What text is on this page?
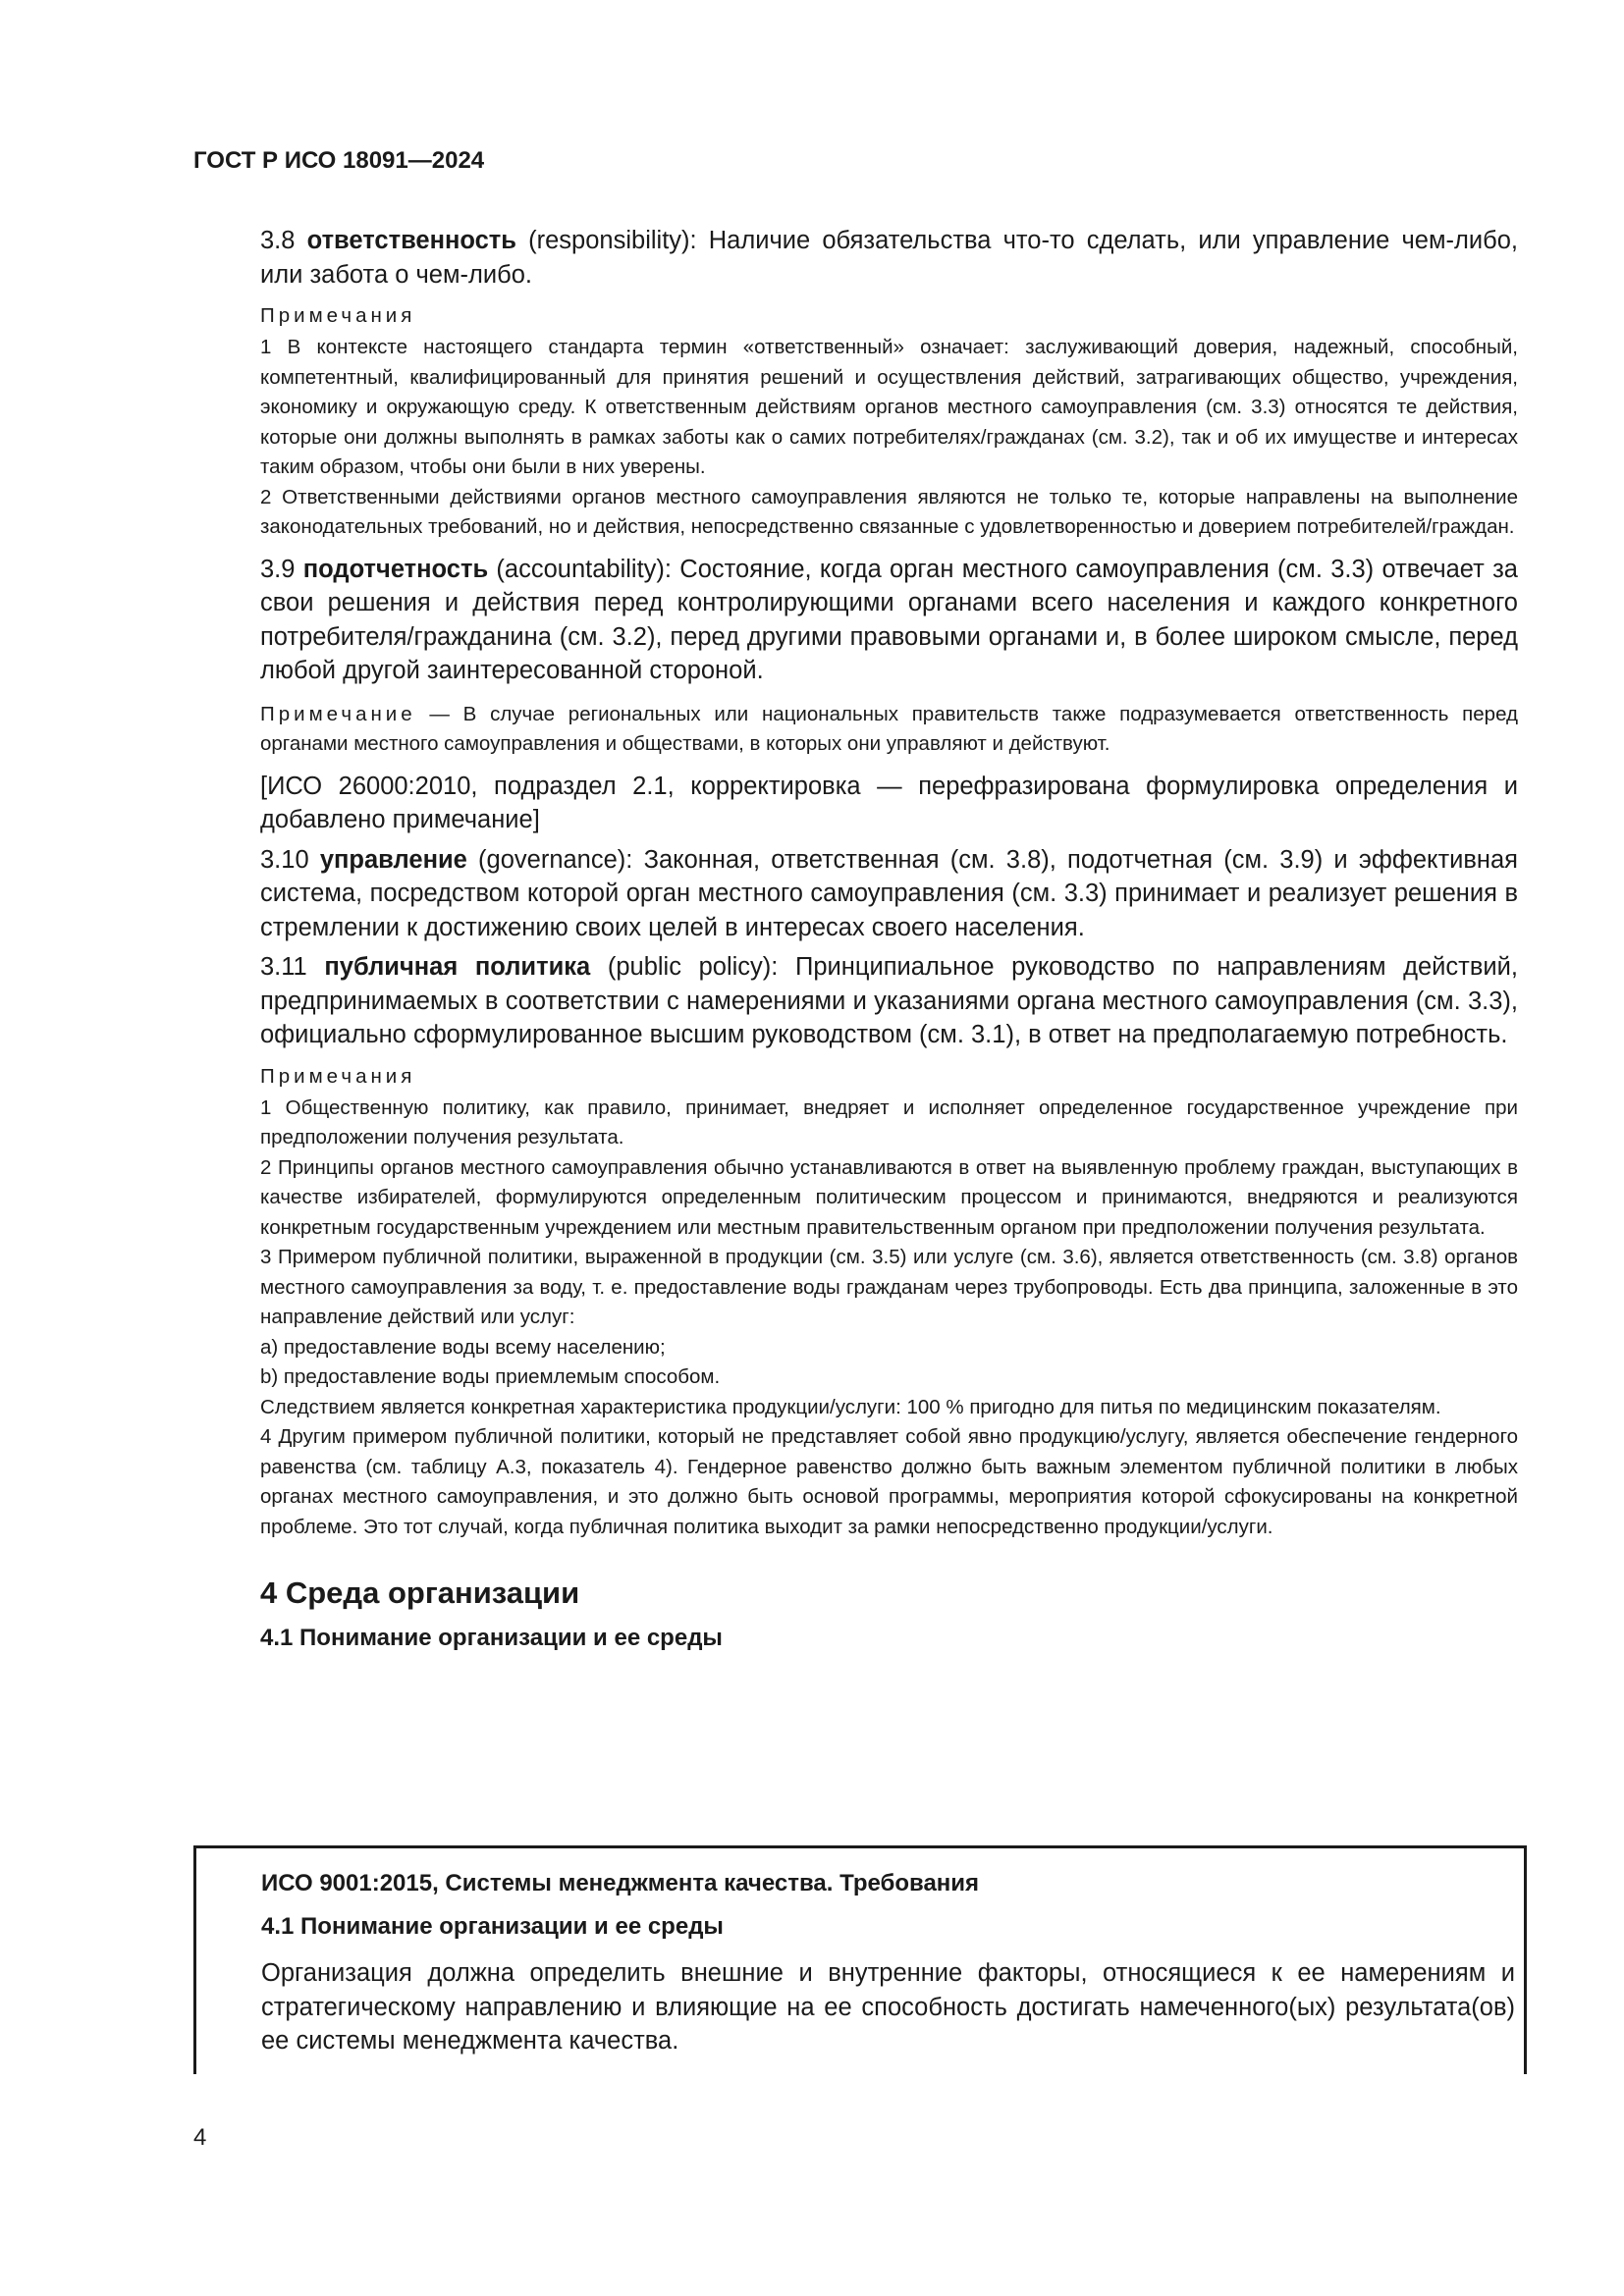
ГОСТ Р ИСО 18091—2024

3.8 ответственность (responsibility): Наличие обязательства что-то сделать, или управление чем-либо, или забота о чем-либо.

Примечания

1 В контексте настоящего стандарта термин «ответственный» означает: заслуживающий доверия, надежный, способный, компетентный, квалифицированный для принятия решений и осуществления действий, затрагивающих общество, учреждения, экономику и окружающую среду. К ответственным действиям органов местного самоуправления (см. 3.3) относятся те действия, которые они должны выполнять в рамках заботы как о самих потребителях/гражданах (см. 3.2), так и об их имуществе и интересах таким образом, чтобы они были в них уверены.

2 Ответственными действиями органов местного самоуправления являются не только те, которые направлены на выполнение законодательных требований, но и действия, непосредственно связанные с удовлетворенностью и доверием потребителей/граждан.

3.9 подотчетность (accountability): Состояние, когда орган местного самоуправления (см. 3.3) отвечает за свои решения и действия перед контролирующими органами всего населения и каждого конкретного потребителя/гражданина (см. 3.2), перед другими правовыми органами и, в более широком смысле, перед любой другой заинтересованной стороной.

Примечание — В случае региональных или национальных правительств также подразумевается ответственность перед органами местного самоуправления и обществами, в которых они управляют и действуют.

[ИСО 26000:2010, подраздел 2.1, корректировка — перефразирована формулировка определения и добавлено примечание]

3.10 управление (governance): Законная, ответственная (см. 3.8), подотчетная (см. 3.9) и эффективная система, посредством которой орган местного самоуправления (см. 3.3) принимает и реализует решения в стремлении к достижению своих целей в интересах своего населения.

3.11 публичная политика (public policy): Принципиальное руководство по направлениям действий, предпринимаемых в соответствии с намерениями и указаниями органа местного самоуправления (см. 3.3), официально сформулированное высшим руководством (см. 3.1), в ответ на предполагаемую потребность.

Примечания

1 Общественную политику, как правило, принимает, внедряет и исполняет определенное государственное учреждение при предположении получения результата.

2 Принципы органов местного самоуправления обычно устанавливаются в ответ на выявленную проблему граждан, выступающих в качестве избирателей, формулируются определенным политическим процессом и принимаются, внедряются и реализуются конкретным государственным учреждением или местным правительственным органом при предположении получения результата.

3 Примером публичной политики, выраженной в продукции (см. 3.5) или услуге (см. 3.6), является ответственность (см. 3.8) органов местного самоуправления за воду, т. е. предоставление воды гражданам через трубопроводы. Есть два принципа, заложенные в это направление действий или услуг:

a) предоставление воды всему населению;

b) предоставление воды приемлемым способом.

Следствием является конкретная характеристика продукции/услуги: 100 % пригодно для питья по медицинским показателям.

4 Другим примером публичной политики, который не представляет собой явно продукцию/услугу, является обеспечение гендерного равенства (см. таблицу А.3, показатель 4). Гендерное равенство должно быть важным элементом публичной политики в любых органах местного самоуправления, и это должно быть основой программы, мероприятия которой сфокусированы на конкретной проблеме. Это тот случай, когда публичная политика выходит за рамки непосредственно продукции/услуги.

4 Среда организации
4.1 Понимание организации и ее среды
ИСО 9001:2015, Системы менеджмента качества. Требования
4.1 Понимание организации и ее среды

Организация должна определить внешние и внутренние факторы, относящиеся к ее намерениям и стратегическому направлению и влияющие на ее способность достигать намеченного(ых) результата(ов) ее системы менеджмента качества.

4
